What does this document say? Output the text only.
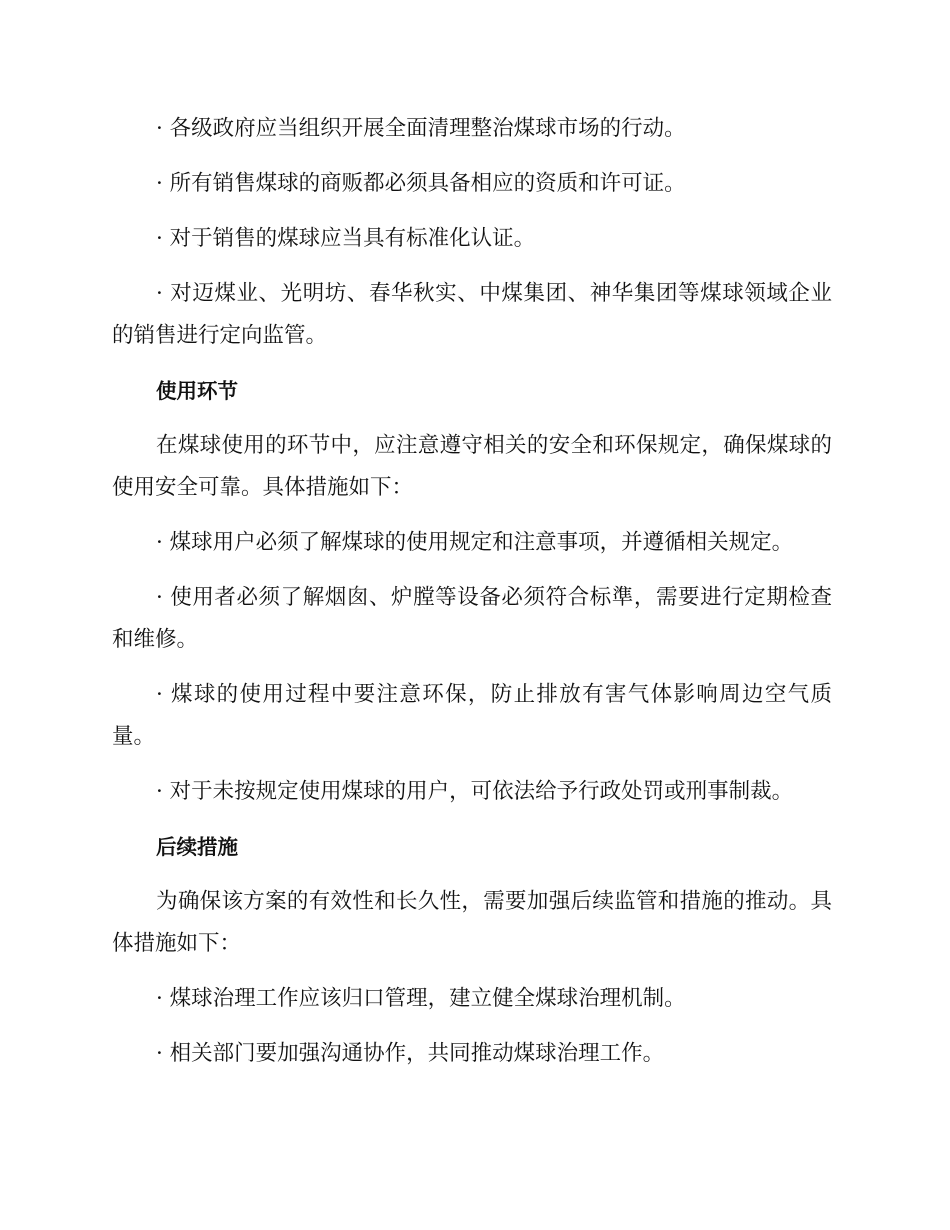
· 各级政府应当组织开展全面清理整治煤球市场的行动。

· 所有销售煤球的商贩都必须具备相应的资质和许可证。

· 对于销售的煤球应当具有标准化认证。

· 对迈煤业、光明坊、春华秋实、中煤集团、神华集团等煤球领域企业的销售进行定向监管。

使用环节

在煤球使用的环节中，应注意遵守相关的安全和环保规定，确保煤球的使用安全可靠。具体措施如下：

· 煤球用户必须了解煤球的使用规定和注意事项，并遵循相关规定。

· 使用者必须了解烟囱、炉膛等设备必须符合标準，需要进行定期检查和维修。

· 煤球的使用过程中要注意环保，防止排放有害气体影响周边空气质量。

· 对于未按规定使用煤球的用户，可依法给予行政处罚或刑事制裁。

后续措施

为确保该方案的有效性和长久性，需要加强后续监管和措施的推动。具体措施如下：

· 煤球治理工作应该归口管理，建立健全煤球治理机制。

· 相关部门要加强沟通协作，共同推动煤球治理工作。
